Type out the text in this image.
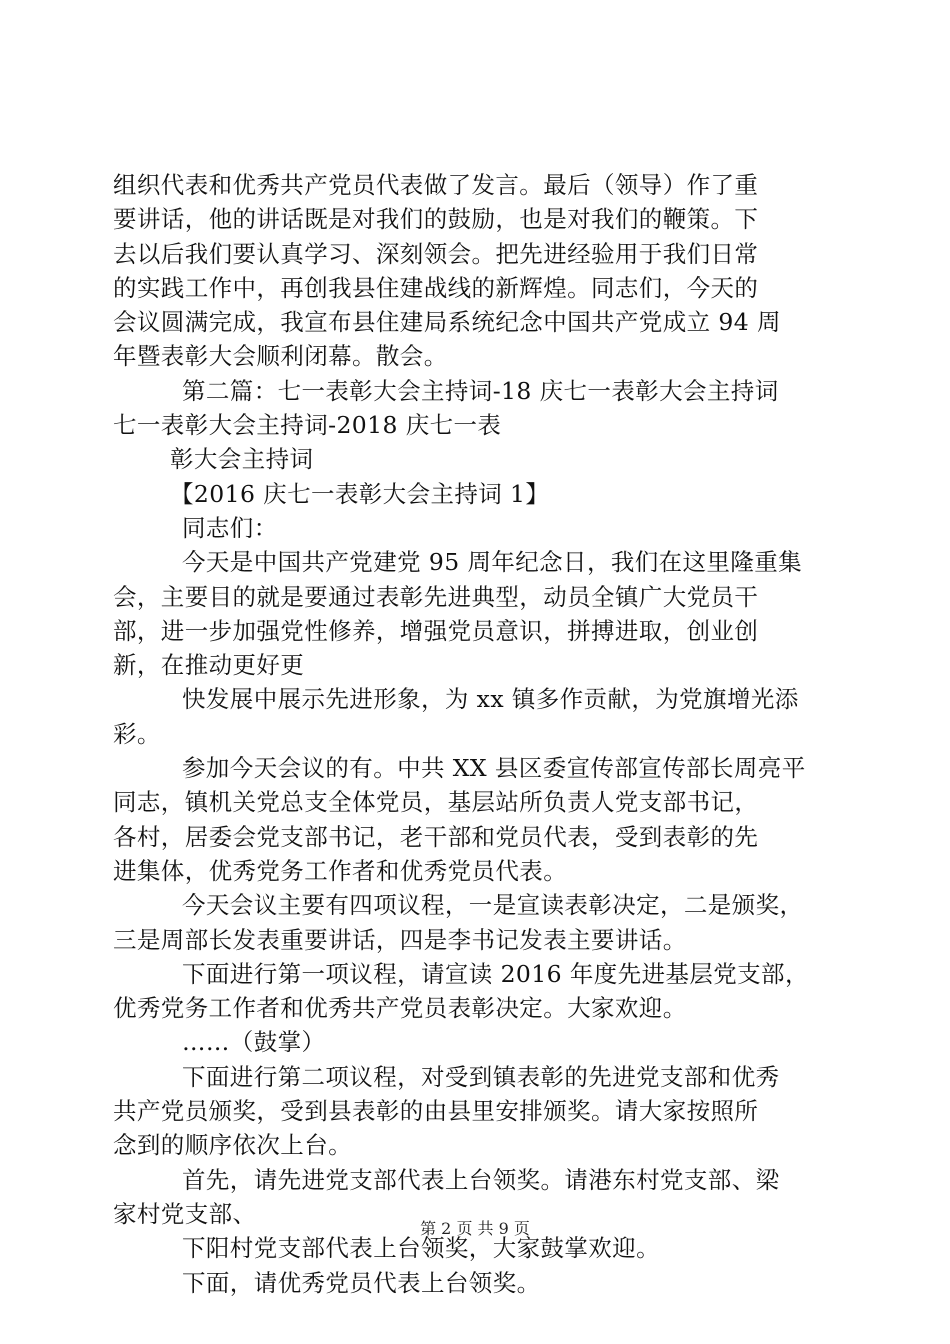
组织代表和优秀共产党员代表做了发言。最后（领导）作了重

要讲话，他的讲话既是对我们的鼓励，也是对我们的鞭策。下

去以后我们要认真学习、深刻领会。把先进经验用于我们日常

的实践工作中，再创我县住建战线的新辉煌。同志们，今天的

会议圆满完成，我宣布县住建局系统纪念中国共产党成立 94 周

年暨表彰大会顺利闭幕。散会。

第二篇：七一表彰大会主持词-18 庆七一表彰大会主持词

七一表彰大会主持词-2018 庆七一表

彰大会主持词

【2016 庆七一表彰大会主持词 1】

同志们：

今天是中国共产党建党 95 周年纪念日，我们在这里隆重集

会，主要目的就是要通过表彰先进典型，动员全镇广大党员干

部，进一步加强党性修养，增强党员意识，拼搏进取，创业创

新，在推动更好更

快发展中展示先进形象，为 xx 镇多作贡献，为党旗增光添

彩。

参加今天会议的有。中共 XX 县区委宣传部宣传部长周亮平

同志，镇机关党总支全体党员，基层站所负责人党支部书记，

各村，居委会党支部书记，老干部和党员代表，受到表彰的先

进集体，优秀党务工作者和优秀党员代表。

今天会议主要有四项议程，一是宣读表彰决定，二是颁奖，

三是周部长发表重要讲话，四是李书记发表主要讲话。

下面进行第一项议程，请宣读 2016 年度先进基层党支部，

优秀党务工作者和优秀共产党员表彰决定。大家欢迎。

……（鼓掌）

下面进行第二项议程，对受到镇表彰的先进党支部和优秀

共产党员颁奖，受到县表彰的由县里安排颁奖。请大家按照所

念到的顺序依次上台。

首先，请先进党支部代表上台领奖。请港东村党支部、梁

家村党支部、

下阳村党支部代表上台领奖，大家鼓掌欢迎。

下面，请优秀党员代表上台领奖。

第 2 页 共 9 页
